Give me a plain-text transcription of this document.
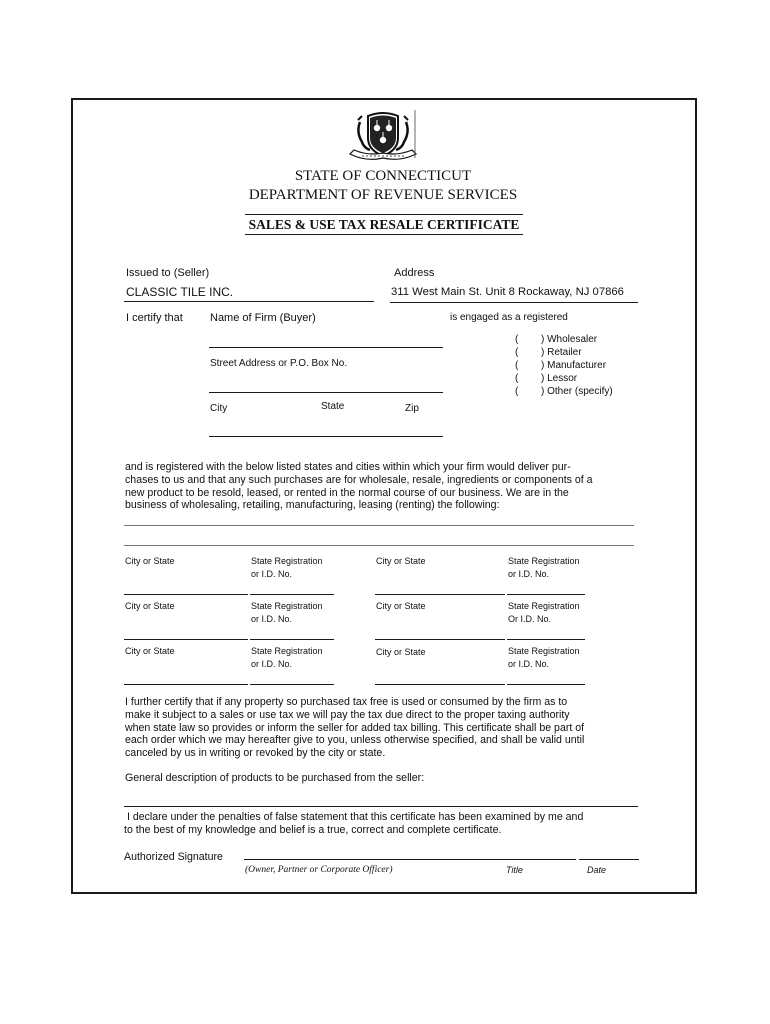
STATE OF CONNECTICUT
DEPARTMENT OF REVENUE SERVICES
SALES & USE TAX RESALE CERTIFICATE
Issued to (Seller)
CLASSIC TILE INC.
Address
311 West Main St. Unit 8 Rockaway, NJ 07866
I certify that Name of Firm (Buyer)	is engaged as a registered
Street Address or P.O. Box No.
City	State	Zip
( ) Wholesaler
( ) Retailer
( ) Manufacturer
( ) Lessor
( ) Other (specify)
and is registered with the below listed states and cities within which your firm would deliver pur-
chases to us and that any such purchases are for wholesale, resale, ingredients or components of a
new product to be resold, leased, or rented in the normal course of our business. We are in the
business of wholesaling, retailing, manufacturing, leasing (renting) the following:
City or State	State Registration
or I.D. No.
City or State	State Registration
or I.D. No.
City or State	State Registration
or I.D. No.
City or State	State Registration
Or I.D. No.
City or State	State Registration
or I.D. No.
City or State	State Registration
or I.D. No.
I further certify that if any property so purchased tax free is used or consumed by the firm as to
make it subject to a sales or use tax we will pay the tax due direct to the proper taxing authority
when state law so provides or inform the seller for added tax billing. This certificate shall be part of
each order which we may hereafter give to you, unless otherwise specified, and shall be valid until
canceled by us in writing or revoked by the city or state.
General description of products to be purchased from the seller:
I declare under the penalties of false statement that this certificate has been examined by me and
to the best of my knowledge and belief is a true, correct and complete certificate.
Authorized Signature
(Owner, Partner or Corporate Officer)	Title	Date
